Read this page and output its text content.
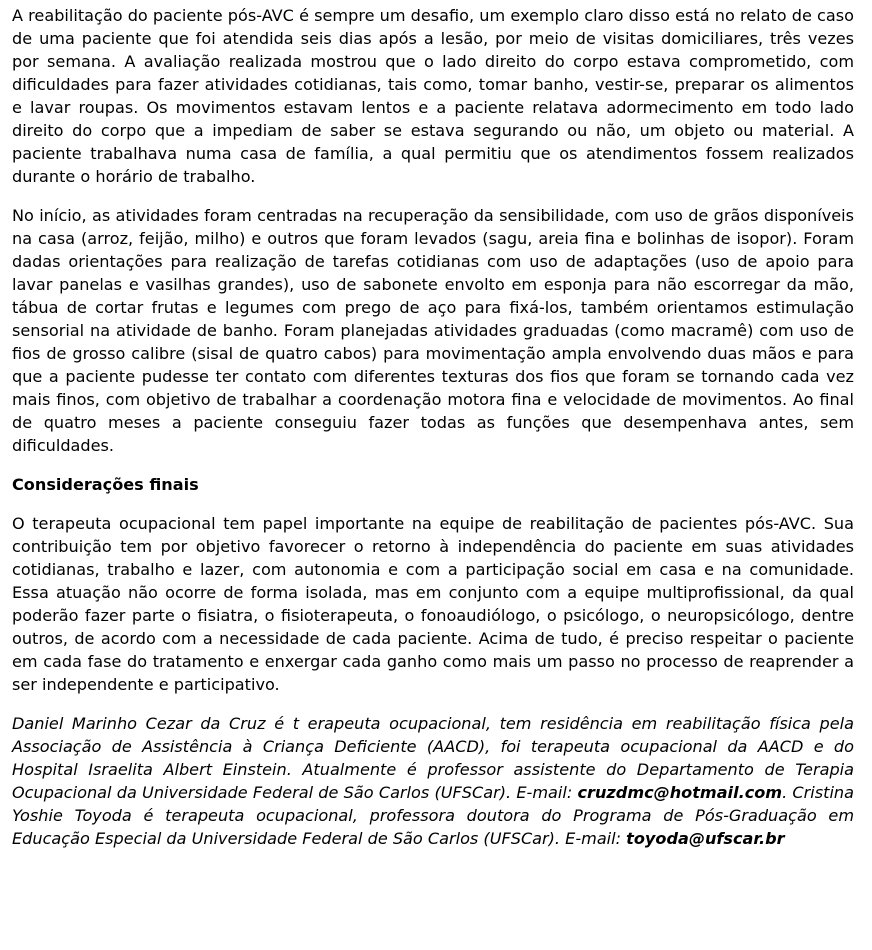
A reabilitação do paciente pós-AVC é sempre um desafio, um exemplo claro disso está no relato de caso de uma paciente que foi atendida seis dias após a lesão, por meio de visitas domiciliares, três vezes por semana. A avaliação realizada mostrou que o lado direito do corpo estava comprometido, com dificuldades para fazer atividades cotidianas, tais como, tomar banho, vestir-se, preparar os alimentos e lavar roupas. Os movimentos estavam lentos e a paciente relatava adormecimento em todo lado direito do corpo que a impediam de saber se estava segurando ou não, um objeto ou material. A paciente trabalhava numa casa de família, a qual permitiu que os atendimentos fossem realizados durante o horário de trabalho.

No início, as atividades foram centradas na recuperação da sensibilidade, com uso de grãos disponíveis na casa (arroz, feijão, milho) e outros que foram levados (sagu, areia fina e bolinhas de isopor). Foram dadas orientações para realização de tarefas cotidianas com uso de adaptações (uso de apoio para lavar panelas e vasilhas grandes), uso de sabonete envolto em esponja para não escorregar da mão, tábua de cortar frutas e legumes com prego de aço para fixá-los, também orientamos estimulação sensorial na atividade de banho. Foram planejadas atividades graduadas (como macramê) com uso de fios de grosso calibre (sisal de quatro cabos) para movimentação ampla envolvendo duas mãos e para que a paciente pudesse ter contato com diferentes texturas dos fios que foram se tornando cada vez mais finos, com objetivo de trabalhar a coordenação motora fina e velocidade de movimentos. Ao final de quatro meses a paciente conseguiu fazer todas as funções que desempenhava antes, sem dificuldades.

Considerações finais

O terapeuta ocupacional tem papel importante na equipe de reabilitação de pacientes pós-AVC. Sua contribuição tem por objetivo favorecer o retorno à independência do paciente em suas atividades cotidianas, trabalho e lazer, com autonomia e com a participação social em casa e na comunidade. Essa atuação não ocorre de forma isolada, mas em conjunto com a equipe multiprofissional, da qual poderão fazer parte o fisiatra, o fisioterapeuta, o fonoaudiólogo, o psicólogo, o neuropsicólogo, dentre outros, de acordo com a necessidade de cada paciente. Acima de tudo, é preciso respeitar o paciente em cada fase do tratamento e enxergar cada ganho como mais um passo no processo de reaprender a ser independente e participativo.

Daniel Marinho Cezar da Cruz é t erapeuta ocupacional, tem residência em reabilitação física pela Associação de Assistência à Criança Deficiente (AACD), foi terapeuta ocupacional da AACD e do Hospital Israelita Albert Einstein. Atualmente é professor assistente do Departamento de Terapia Ocupacional da Universidade Federal de São Carlos (UFSCar). E-mail: cruzdmc@hotmail.com. Cristina Yoshie Toyoda é terapeuta ocupacional, professora doutora do Programa de Pós-Graduação em Educação Especial da Universidade Federal de São Carlos (UFSCar). E-mail: toyoda@ufscar.br
